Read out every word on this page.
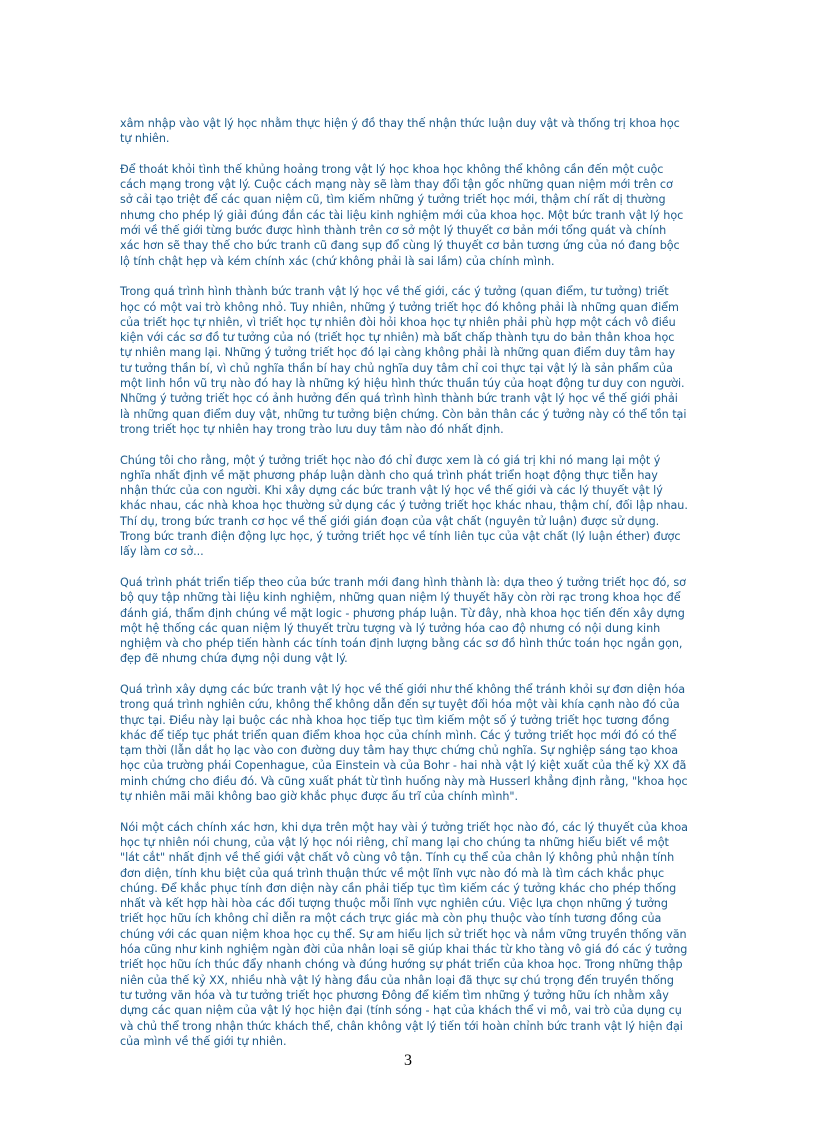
xâm nhập vào vật lý học nhằm thực hiện ý đồ thay thế nhận thức luận duy vật và thống trị khoa học tự nhiên.

Để thoát khỏi tình thế khủng hoảng trong vật lý học khoa học không thể không cần đến một cuộc cách mạng trong vật lý. Cuộc cách mạng này sẽ làm thay đổi tận gốc những quan niệm mới trên cơ sở cải tạo triệt để các quan niệm cũ, tìm kiếm những ý tưởng triết học mới, thậm chí rất dị thường nhưng cho phép lý giải đúng đắn các tài liệu kinh nghiệm mới của khoa học. Một bức tranh vật lý học mới về thế giới từng bước được hình thành trên cơ sở một lý thuyết cơ bản mới tổng quát và chính xác hơn sẽ thay thế cho bức tranh cũ đang sụp đổ cùng lý thuyết cơ bản tương ứng của nó đang bộc lộ tính chật hẹp và kém chính xác (chứ không phải là sai lầm) của chính mình.

Trong quá trình hình thành bức tranh vật lý học về thế giới, các ý tưởng (quan điểm, tư tưởng) triết học có một vai trò không nhỏ. Tuy nhiên, những ý tưởng triết học đó không phải là những quan điểm của triết học tự nhiên, vì triết học tự nhiên đòi hỏi khoa học tự nhiên phải phù hợp một cách vô điều kiện với các sơ đồ tư tưởng của nó (triết học tự nhiên) mà bất chấp thành tựu do bản thân khoa học tự nhiên mang lại. Những ý tưởng triết học đó lại càng không phải là những quan điểm duy tâm hay tư tưởng thần bí, vì chủ nghĩa thần bí hay chủ nghĩa duy tâm chỉ coi thực tại vật lý là sản phẩm của một linh hồn vũ trụ nào đó hay là những ký hiệu hình thức thuần túy của hoạt động tư duy con người. Những ý tưởng triết học có ảnh hưởng đến quá trình hình thành bức tranh vật lý học về thế giới phải là những quan điểm duy vật, những tư tưởng biện chứng. Còn bản thân các ý tưởng này có thể tồn tại trong triết học tự nhiên hay trong trào lưu duy tâm nào đó nhất định.

Chúng tôi cho rằng, một ý tưởng triết học nào đó chỉ được xem là có giá trị khi nó mang lại một ý nghĩa nhất định về mặt phương pháp luận dành cho quá trình phát triển hoạt động thực tiễn hay nhận thức của con người. Khi xây dựng các bức tranh vật lý học về thế giới và các lý thuyết vật lý khác nhau, các nhà khoa học thường sử dụng các ý tưởng triết học khác nhau, thậm chí, đối lập nhau. Thí dụ, trong bức tranh cơ học về thế giới gián đoạn của vật chất (nguyên tử luận) được sử dụng. Trong bức tranh điện động lực học, ý tưởng triết học về tính liên tục của vật chất (lý luận éther) được lấy làm cơ sở...

Quá trình phát triển tiếp theo của bức tranh mới đang hình thành là: dựa theo ý tưởng triết học đó, sơ bộ quy tập những tài liệu kinh nghiệm, những quan niệm lý thuyết hãy còn rời rạc trong khoa học để đánh giá, thẩm định chúng về mặt logic - phương pháp luận. Từ đây, nhà khoa học tiến đến xây dựng một hệ thống các quan niệm lý thuyết trừu tượng và lý tưởng hóa cao độ nhưng có nội dung kinh nghiệm và cho phép tiến hành các tính toán định lượng bằng các sơ đồ hình thức toán học ngắn gọn, đẹp đẽ nhưng chứa đựng nội dung vật lý.

Quá trình xây dựng các bức tranh vật lý học về thế giới như thế không thể tránh khỏi sự đơn diện hóa trong quá trình nghiên cứu, không thể không dẫn đến sự tuyệt đối hóa một vài khía cạnh nào đó của thực tại. Điều này lại buộc các nhà khoa học tiếp tục tìm kiếm một số ý tưởng triết học tương đồng khác để tiếp tục phát triển quan điểm khoa học của chính mình. Các ý tưởng triết học mới đó có thể tạm thời (lẫn dắt họ lạc vào con đường duy tâm hay thực chứng chủ nghĩa. Sự nghiệp sáng tạo khoa học của trường phái Copenhague, của Einstein và của Bohr - hai nhà vật lý kiệt xuất của thế kỷ XX đã minh chứng cho điều đó. Và cũng xuất phát từ tình huống này mà Husserl khẳng định rằng, "khoa học tự nhiên mãi mãi không bao giờ khắc phục được ấu trĩ của chính mình".

Nói một cách chính xác hơn, khi dựa trên một hay vài ý tưởng triết học nào đó, các lý thuyết của khoa học tự nhiên nói chung, của vật lý học nói riêng, chỉ mang lại cho chúng ta những hiểu biết về một "lát cắt" nhất định về thế giới vật chất vô cùng vô tận. Tính cụ thể của chân lý không phủ nhận tính đơn diện, tính khu biệt của quá trình thuận thức về một lĩnh vực nào đó mà là tìm cách khắc phục chúng. Để khắc phục tính đơn diện này cần phải tiếp tục tìm kiếm các ý tưởng khác cho phép thống nhất và kết hợp hài hòa các đối tượng thuộc mỗi lĩnh vực nghiên cứu. Việc lựa chọn những ý tưởng triết học hữu ích không chỉ diễn ra một cách trực giác mà còn phụ thuộc vào tính tương đồng của chúng với các quan niệm khoa học cụ thể. Sự am hiểu lịch sử triết học và nắm vững truyền thống văn hóa cũng như kinh nghiệm ngàn đời của nhân loại sẽ giúp khai thác từ kho tàng vô giá đó các ý tưởng triết học hữu ích thúc đẩy nhanh chóng và đúng hướng sự phát triển của khoa học. Trong những thập niên của thế kỷ XX, nhiều nhà vật lý hàng đầu của nhân loại đã thực sự chú trọng đến truyền thống tư tưởng văn hóa và tư tưởng triết học phương Đông để kiếm tìm những ý tưởng hữu ích nhằm xây dựng các quan niệm của vật lý học hiện đại (tính sóng - hạt của khách thể vi mô, vai trò của dụng cụ và chủ thể trong nhận thức khách thể, chân không vật lý tiến tới hoàn chỉnh bức tranh vật lý hiện đại của mình về thế giới tự nhiên.

3
